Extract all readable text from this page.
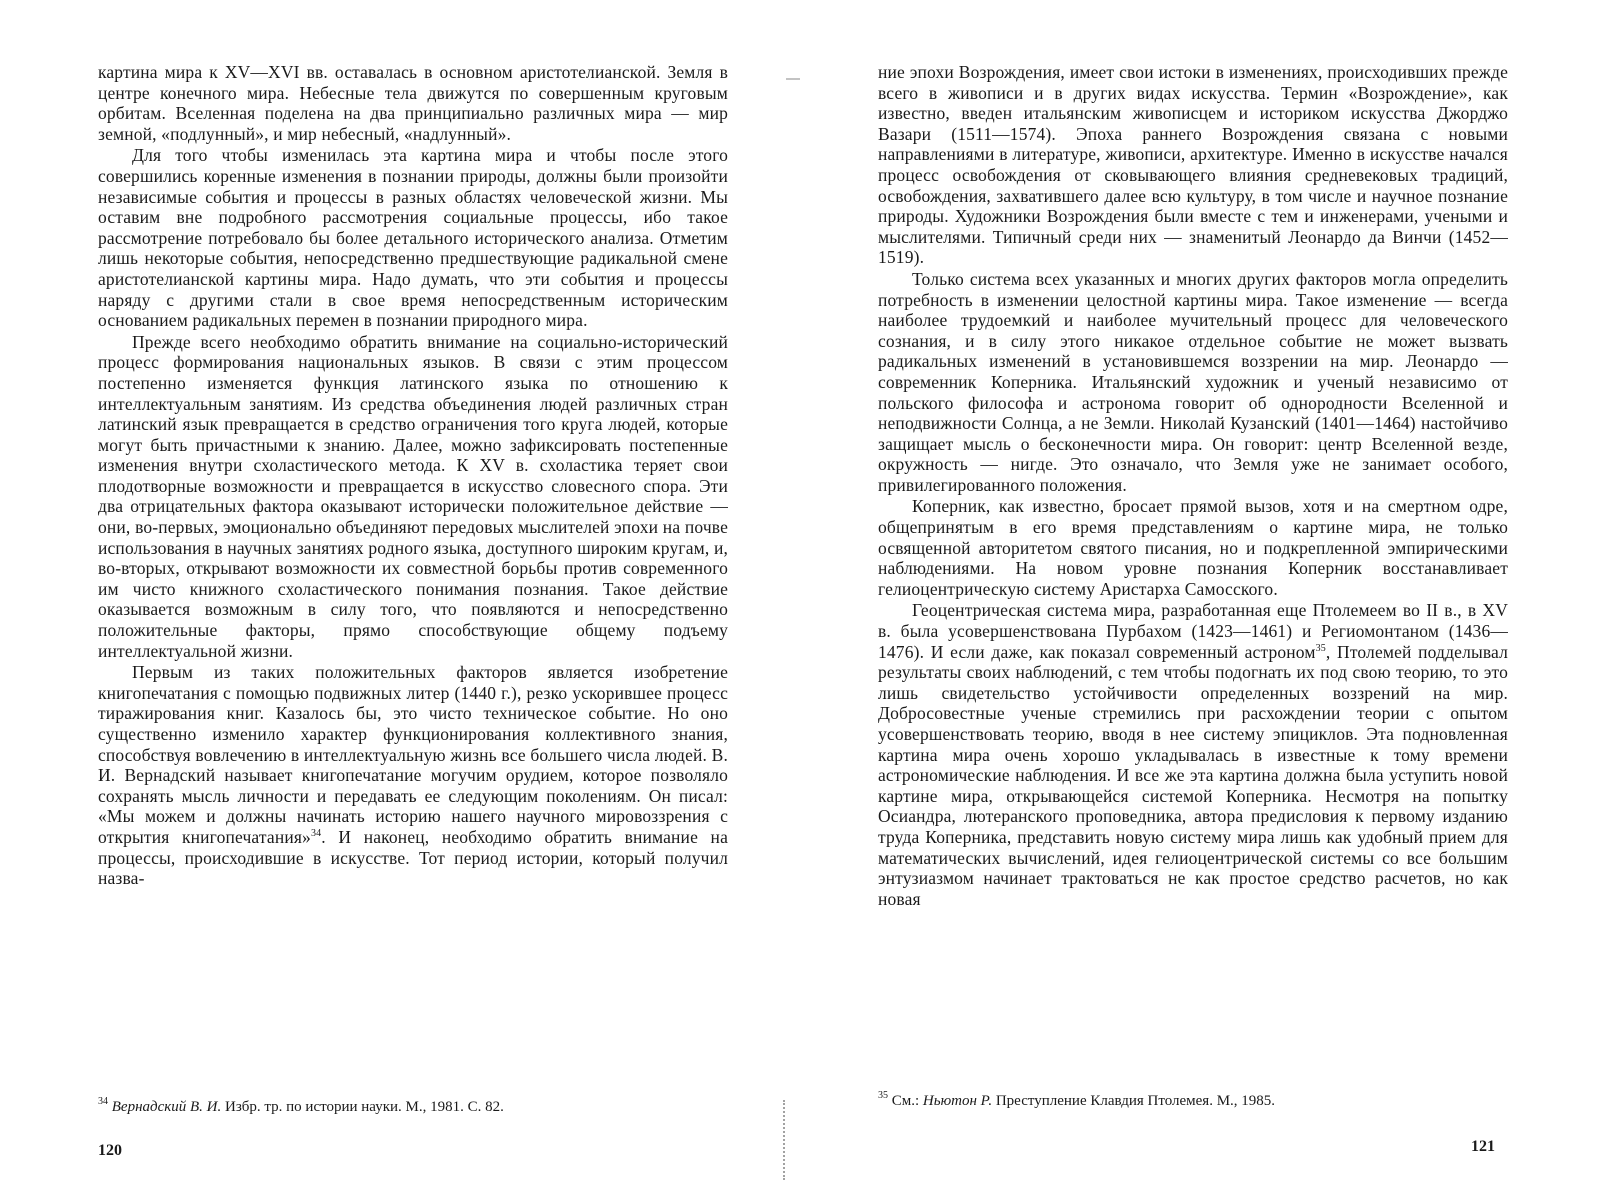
картина мира к XV—XVI вв. оставалась в основном аристотелианской. Земля в центре конечного мира. Небесные тела движутся по совершенным круговым орбитам. Вселенная поделена на два принципиально различных мира — мир земной, «подлунный», и мир небесный, «надлунный».

Для того чтобы изменилась эта картина мира и чтобы после этого совершились коренные изменения в познании природы, должны были произойти независимые события и процессы в разных областях человеческой жизни. Мы оставим вне подробного рассмотрения социальные процессы, ибо такое рассмотрение потребовало бы более детального исторического анализа. Отметим лишь некоторые события, непосредственно предшествующие радикальной смене аристотелианской картины мира. Надо думать, что эти события и процессы наряду с другими стали в свое время непосредственным историческим основанием радикальных перемен в познании природного мира.

Прежде всего необходимо обратить внимание на социально-исторический процесс формирования национальных языков. В связи с этим процессом постепенно изменяется функция латинского языка по отношению к интеллектуальным занятиям. Из средства объединения людей различных стран латинский язык превращается в средство ограничения того круга людей, которые могут быть причастными к знанию. Далее, можно зафиксировать постепенные изменения внутри схоластического метода. К XV в. схоластика теряет свои плодотворные возможности и превращается в искусство словесного спора. Эти два отрицательных фактора оказывают исторически положительное действие — они, во-первых, эмоционально объединяют передовых мыслителей эпохи на почве использования в научных занятиях родного языка, доступного широким кругам, и, во-вторых, открывают возможности их совместной борьбы против современного им чисто книжного схоластического понимания познания. Такое действие оказывается возможным в силу того, что появляются и непосредственно положительные факторы, прямо способствующие общему подъему интеллектуальной жизни.

Первым из таких положительных факторов является изобретение книгопечатания с помощью подвижных литер (1440 г.), резко ускорившее процесс тиражирования книг. Казалось бы, это чисто техническое событие. Но оно существенно изменило характер функционирования коллективного знания, способствуя вовлечению в интеллектуальную жизнь все большего числа людей. В. И. Вернадский называет книгопечатание могучим орудием, которое позволяло сохранять мысль личности и передавать ее следующим поколениям. Он писал: «Мы можем и должны начинать историю нашего научного мировоззрения с открытия книгопечатания»$^{34}$. И наконец, необходимо обратить внимание на процессы, происходившие в искусстве. Тот период истории, который получил назва-

$^{34}$ Вернадский В. И. Избр. тр. по истории науки. М., 1981. С. 82.
120

ние эпохи Возрождения, имеет свои истоки в изменениях, происходивших прежде всего в живописи и в других видах искусства. Термин «Возрождение», как известно, введен итальянским живописцем и историком искусства Джорджо Вазари (1511—1574). Эпоха раннего Возрождения связана с новыми направлениями в литературе, живописи, архитектуре. Именно в искусстве начался процесс освобождения от сковывающего влияния средневековых традиций, освобождения, захватившего далее всю культуру, в том числе и научное познание природы. Художники Возрождения были вместе с тем и инженерами, учеными и мыслителями. Типичный среди них — знаменитый Леонардо да Винчи (1452—1519).

Только система всех указанных и многих других факторов могла определить потребность в изменении целостной картины мира. Такое изменение — всегда наиболее трудоемкий и наиболее мучительный процесс для человеческого сознания, и в силу этого никакое отдельное событие не может вызвать радикальных изменений в установившемся воззрении на мир. Леонардо — современник Коперника. Итальянский художник и ученый независимо от польского философа и астронома говорит об однородности Вселенной и неподвижности Солнца, а не Земли. Николай Кузанский (1401—1464) настойчиво защищает мысль о бесконечности мира. Он говорит: центр Вселенной везде, окружность — нигде. Это означало, что Земля уже не занимает особого, привилегированного положения.

Коперник, как известно, бросает прямой вызов, хотя и на смертном одре, общепринятым в его время представлениям о картине мира, не только освященной авторитетом святого писания, но и подкрепленной эмпирическими наблюдениями. На новом уровне познания Коперник восстанавливает гелиоцентрическую систему Аристарха Самосского.

Геоцентрическая система мира, разработанная еще Птолемеем во II в., в XV в. была усовершенствована Пурбахом (1423—1461) и Региомонтаном (1436—1476). И если даже, как показал современный астроном$^{35}$, Птолемей подделывал результаты своих наблюдений, с тем чтобы подогнать их под свою теорию, то это лишь свидетельство устойчивости определенных воззрений на мир. Добросовестные ученые стремились при расхождении теории с опытом усовершенствовать теорию, вводя в нее систему эпициклов. Эта подновленная картина мира очень хорошо укладывалась в известные к тому времени астрономические наблюдения. И все же эта картина должна была уступить новой картине мира, открывающейся системой Коперника. Несмотря на попытку Осиандра, лютеранского проповедника, автора предисловия к первому изданию труда Коперника, представить новую систему мира лишь как удобный прием для математических вычислений, идея гелиоцентрической системы со все большим энтузиазмом начинает трактоваться не как простое средство расчетов, но как новая

$^{35}$ См.: Ньютон Р. Преступление Клавдия Птолемея. М., 1985.
121
